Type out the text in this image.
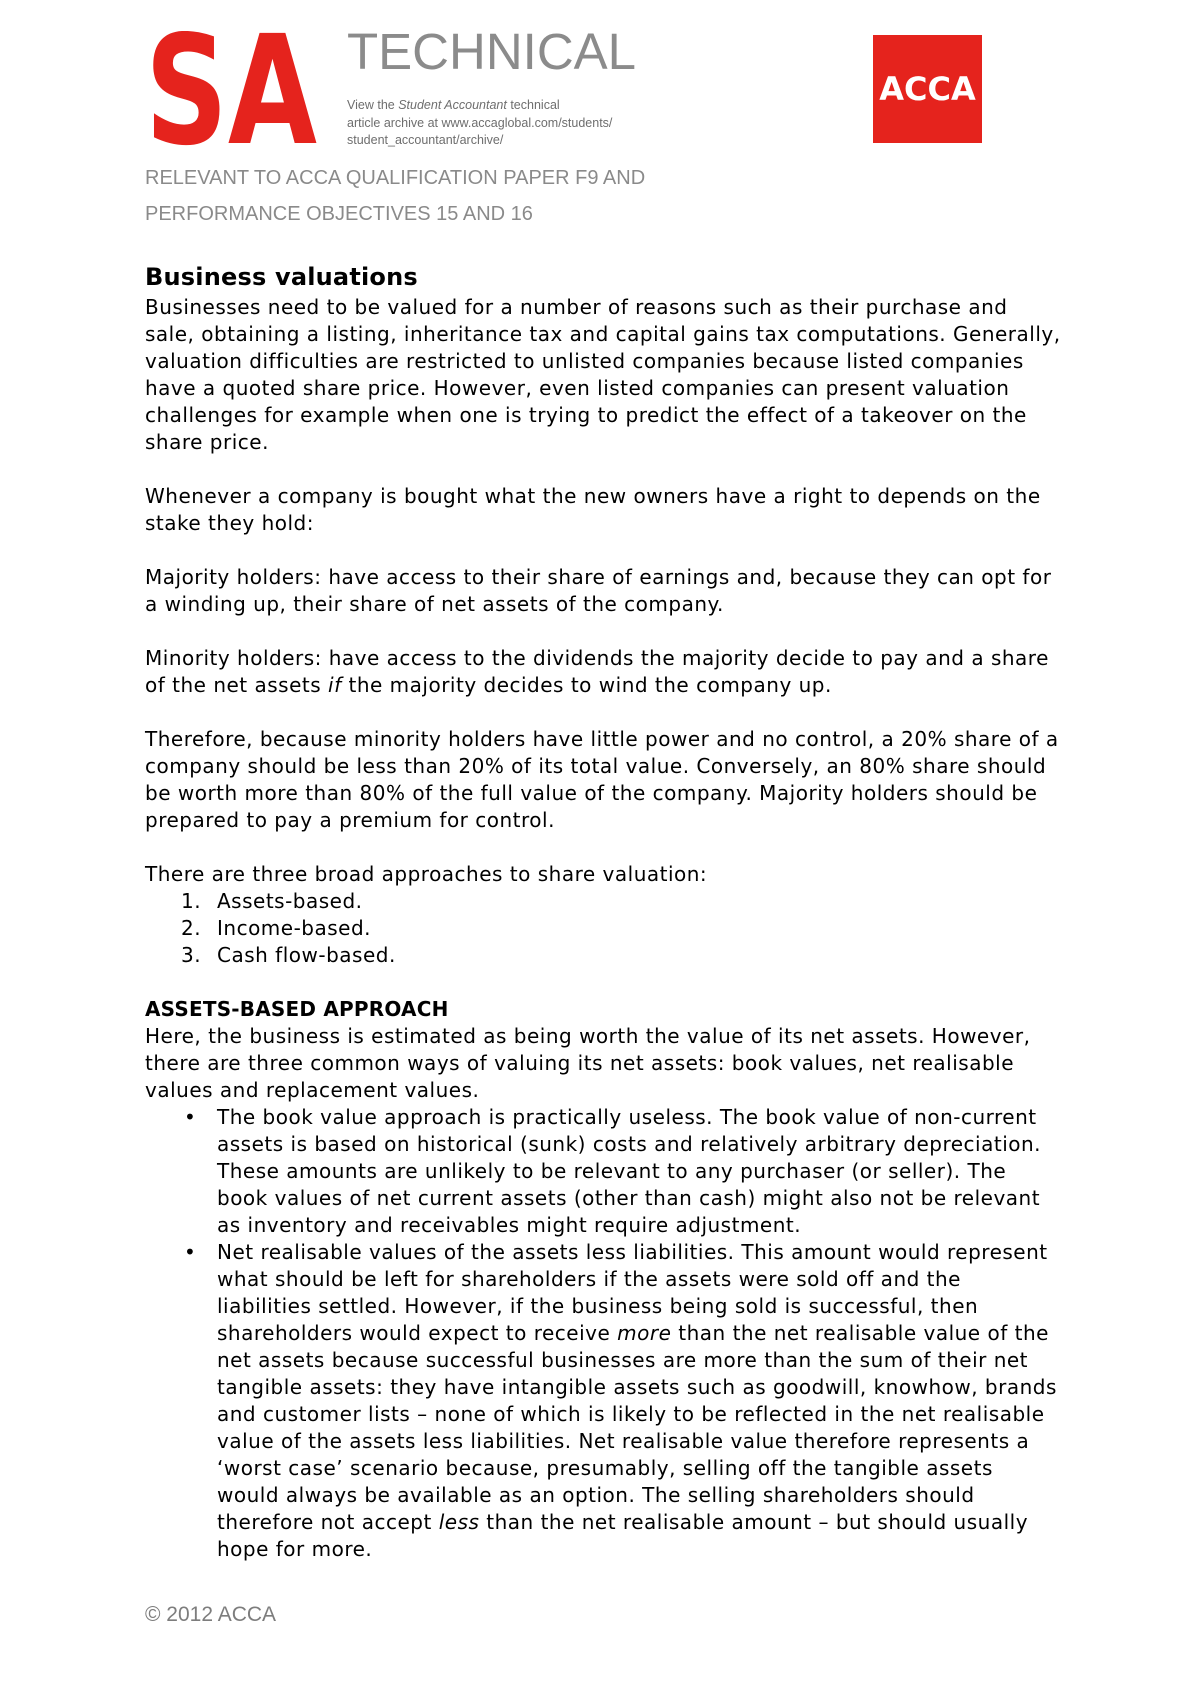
SA TECHNICAL
View the Student Accountant technical
article archive at www.accaglobal.com/students/
student_accountant/archive/
ACCA
RELEVANT TO ACCA QUALIFICATION PAPER F9 AND
PERFORMANCE OBJECTIVES 15 AND 16
Business valuations
Businesses need to be valued for a number of reasons such as their purchase and
sale, obtaining a listing, inheritance tax and capital gains tax computations. Generally,
valuation difficulties are restricted to unlisted companies because listed companies
have a quoted share price. However, even listed companies can present valuation
challenges for example when one is trying to predict the effect of a takeover on the
share price.
Whenever a company is bought what the new owners have a right to depends on the
stake they hold:
Majority holders: have access to their share of earnings and, because they can opt for
a winding up, their share of net assets of the company.
Minority holders: have access to the dividends the majority decide to pay and a share
of the net assets if the majority decides to wind the company up.
Therefore, because minority holders have little power and no control, a 20% share of a
company should be less than 20% of its total value. Conversely, an 80% share should
be worth more than 80% of the full value of the company. Majority holders should be
prepared to pay a premium for control.
There are three broad approaches to share valuation:
1. Assets-based.
2. Income-based.
3. Cash flow-based.
ASSETS-BASED APPROACH
Here, the business is estimated as being worth the value of its net assets. However,
there are three common ways of valuing its net assets: book values, net realisable
values and replacement values.
•	The book value approach is practically useless. The book value of non-current
assets is based on historical (sunk) costs and relatively arbitrary depreciation.
These amounts are unlikely to be relevant to any purchaser (or seller). The
book values of net current assets (other than cash) might also not be relevant
as inventory and receivables might require adjustment.
•	Net realisable values of the assets less liabilities. This amount would represent
what should be left for shareholders if the assets were sold off and the
liabilities settled. However, if the business being sold is successful, then
shareholders would expect to receive more than the net realisable value of the
net assets because successful businesses are more than the sum of their net
tangible assets: they have intangible assets such as goodwill, knowhow, brands
and customer lists – none of which is likely to be reflected in the net realisable
value of the assets less liabilities. Net realisable value therefore represents a
‘worst case’ scenario because, presumably, selling off the tangible assets
would always be available as an option. The selling shareholders should
therefore not accept less than the net realisable amount – but should usually
hope for more.
© 2012 ACCA
